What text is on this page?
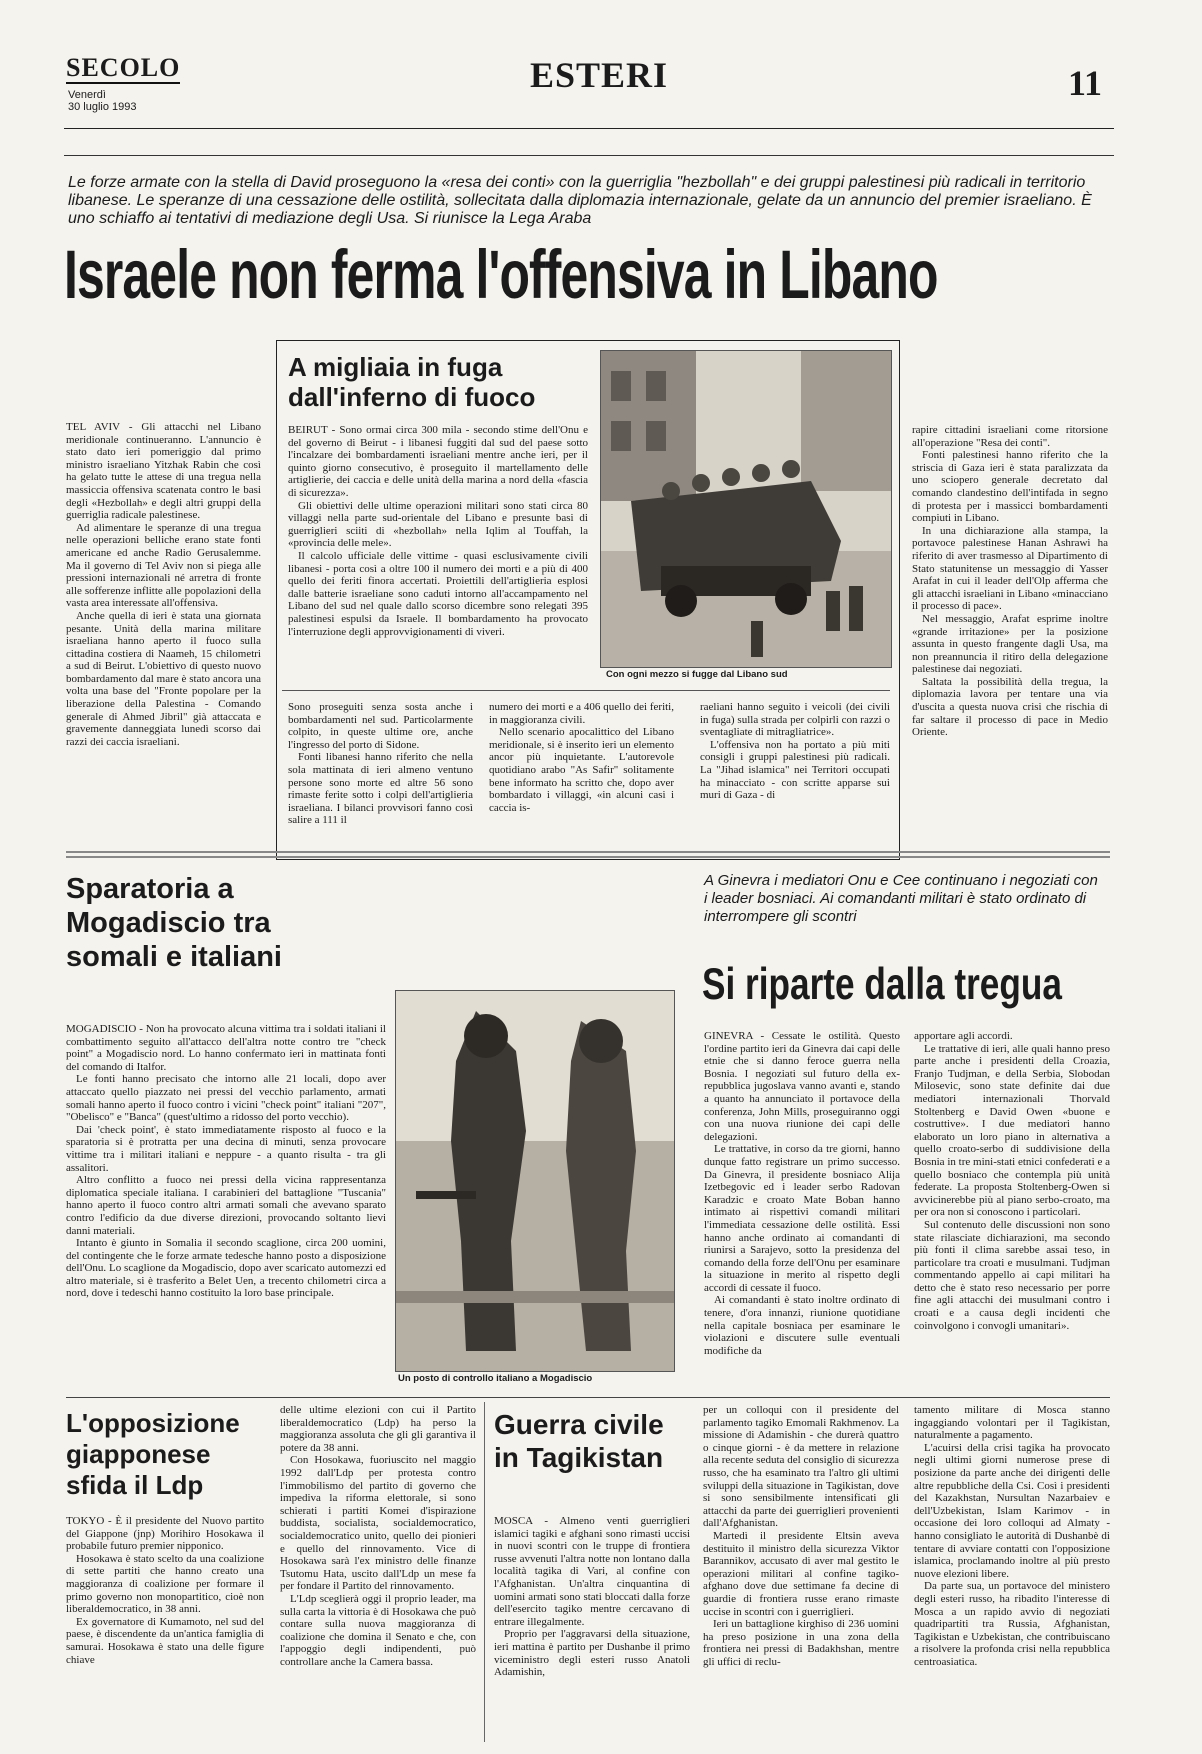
SECOLO
Venerdì
30 luglio 1993
ESTERI	11
Le forze armate con la stella di David proseguono la «resa dei conti» con la guerriglia "hezbollah" e dei gruppi palestinesi più radicali in territorio libanese. Le speranze di una cessazione delle ostilità, sollecitata dalla diplomazia internazionale, gelate da un annuncio del premier israeliano. È uno schiaffo ai tentativi di mediazione degli Usa. Si riunisce la Lega Araba
Israele non ferma l'offensiva in Libano

TEL AVIV - Gli attacchi nel Libano meridionale continueranno. L'annuncio è stato dato ieri pomeriggio dal primo ministro israeliano Yitzhak Rabin che così ha gelato tutte le attese di una tregua nella massiccia offensiva scatenata contro le basi degli «Hezbollah» e degli altri gruppi della guerriglia radicale palestinese.

Ad alimentare le speranze di una tregua nelle operazioni belliche erano state fonti americane ed anche Radio Gerusalemme. Ma il governo di Tel Aviv non si piega alle pressioni internazionali né arretra di fronte alle sofferenze inflitte alle popolazioni della vasta area interessate all'offensiva.

Anche quella di ieri è stata una giornata pesante. Unità della marina militare israeliana hanno aperto il fuoco sulla cittadina costiera di Naameh, 15 chilometri a sud di Beirut. L'obiettivo di questo nuovo bombardamento dal mare è stato ancora una volta una base del "Fronte popolare per la liberazione della Palestina - Comando generale di Ahmed Jibril" già attaccata e gravemente danneggiata lunedì scorso dai razzi dei caccia israeliani.

A migliaia in fuga dall'inferno di fuoco

BEIRUT - Sono ormai circa 300 mila - secondo stime dell'Onu e del governo di Beirut - i libanesi fuggiti dal sud del paese sotto l'incalzare dei bombardamenti israeliani mentre anche ieri, per il quinto giorno consecutivo, è proseguito il martellamento delle artiglierie, dei caccia e delle unità della marina a nord della «fascia di sicurezza».

Gli obiettivi delle ultime operazioni militari sono stati circa 80 villaggi nella parte sud-orientale del Libano e presunte basi di guerriglieri sciiti di «hezbollah» nella Iqlim al Touffah, la «provincia delle mele».

Il calcolo ufficiale delle vittime - quasi esclusivamente civili libanesi - porta così a oltre 100 il numero dei morti e a più di 400 quello dei feriti finora accertati. Proiettili dell'artiglieria esplosi dalle batterie israeliane sono caduti intorno all'accampamento nel Libano del sud nel quale dallo scorso dicembre sono relegati 395 palestinesi espulsi da Israele. Il bombardamento ha provocato l'interruzione degli approvvigionamenti di viveri.

Con ogni mezzo si fugge dal Libano sud

Sono proseguiti senza sosta anche i bombardamenti nel sud. Particolarmente colpito, in queste ultime ore, anche l'ingresso del porto di Sidone.

Fonti libanesi hanno riferito che nella sola mattinata di ieri almeno ventuno persone sono morte ed altre 56 sono rimaste ferite sotto i colpi dell'artiglieria israeliana. I bilanci provvisori fanno così salire a 111 il

numero dei morti e a 406 quello dei feriti, in maggioranza civili.

Nello scenario apocalittico del Libano meridionale, si è inserito ieri un elemento ancor più inquietante. L'autorevole quotidiano arabo "As Safir" solitamente bene informato ha scritto che, dopo aver bombardato i villaggi, «in alcuni casi i caccia is-

raeliani hanno seguito i veicoli (dei civili in fuga) sulla strada per colpirli con razzi o sventagliate di mitragliatrice».

L'offensiva non ha portato a più miti consigli i gruppi palestinesi più radicali. La "Jihad islamica" nei Territori occupati ha minacciato - con scritte apparse sui muri di Gaza - di

rapire cittadini israeliani come ritorsione all'operazione "Resa dei conti".

Fonti palestinesi hanno riferito che la striscia di Gaza ieri è stata paralizzata da uno sciopero generale decretato dal comando clandestino dell'intifada in segno di protesta per i massicci bombardamenti compiuti in Libano.

In una dichiarazione alla stampa, la portavoce palestinese Hanan Ashrawi ha riferito di aver trasmesso al Dipartimento di Stato statunitense un messaggio di Yasser Arafat in cui il leader dell'Olp afferma che gli attacchi israeliani in Libano «minacciano il processo di pace».

Nel messaggio, Arafat esprime inoltre «grande irritazione» per la posizione assunta in questo frangente dagli Usa, ma non preannuncia il ritiro della delegazione palestinese dai negoziati.

Saltata la possibilità della tregua, la diplomazia lavora per tentare una via d'uscita a questa nuova crisi che rischia di far saltare il processo di pace in Medio Oriente.

Sparatoria a Mogadiscio tra somali e italiani

MOGADISCIO - Non ha provocato alcuna vittima tra i soldati italiani il combattimento seguito all'attacco dell'altra notte contro tre "check point" a Mogadiscio nord. Lo hanno confermato ieri in mattinata fonti del comando di Italfor.

Le fonti hanno precisato che intorno alle 21 locali, dopo aver attaccato quello piazzato nei pressi del vecchio parlamento, armati somali hanno aperto il fuoco contro i vicini "check point" italiani "207", "Obelisco" e "Banca" (quest'ultimo a ridosso del porto vecchio).

Dai 'check point', è stato immediatamente risposto al fuoco e la sparatoria si è protratta per una decina di minuti, senza provocare vittime tra i militari italiani e neppure - a quanto risulta - tra gli assalitori.

Altro conflitto a fuoco nei pressi della vicina rappresentanza diplomatica speciale italiana. I carabinieri del battaglione "Tuscania" hanno aperto il fuoco contro altri armati somali che avevano sparato contro l'edificio da due diverse direzioni, provocando soltanto lievi danni materiali.

Intanto è giunto in Somalia il secondo scaglione, circa 200 uomini, del contingente che le forze armate tedesche hanno posto a disposizione dell'Onu. Lo scaglione da Mogadiscio, dopo aver scaricato automezzi ed altro materiale, si è trasferito a Belet Uen, a trecento chilometri circa a nord, dove i tedeschi hanno costituito la loro base principale.

Un posto di controllo italiano a Mogadiscio
A Ginevra i mediatori Onu e Cee continuano i negoziati con i leader bosniaci. Ai comandanti militari è stato ordinato di interrompere gli scontri
Si riparte dalla tregua

GINEVRA - Cessate le ostilità. Questo l'ordine partito ieri da Ginevra dai capi delle etnie che si danno feroce guerra nella Bosnia. I negoziati sul futuro della ex-repubblica jugoslava vanno avanti e, stando a quanto ha annunciato il portavoce della conferenza, John Mills, proseguiranno oggi con una nuova riunione dei capi delle delegazioni.

Le trattative, in corso da tre giorni, hanno dunque fatto registrare un primo successo. Da Ginevra, il presidente bosniaco Alija Izetbegovic ed i leader serbo Radovan Karadzic e croato Mate Boban hanno intimato ai rispettivi comandi militari l'immediata cessazione delle ostilità. Essi hanno anche ordinato ai comandanti di riunirsi a Sarajevo, sotto la presidenza del comando della forze dell'Onu per esaminare la situazione in merito al rispetto degli accordi di cessate il fuoco.

Ai comandanti è stato inoltre ordinato di tenere, d'ora innanzi, riunione quotidiane nella capitale bosniaca per esaminare le violazioni e discutere sulle eventuali modifiche da

apportare agli accordi.

Le trattative di ieri, alle quali hanno preso parte anche i presidenti della Croazia, Franjo Tudjman, e della Serbia, Slobodan Milosevic, sono state definite dai due mediatori internazionali Thorvald Stoltenberg e David Owen «buone e costruttive». I due mediatori hanno elaborato un loro piano in alternativa a quello croato-serbo di suddivisione della Bosnia in tre mini-stati etnici confederati e a quello bosniaco che contempla più unità federate. La proposta Stoltenberg-Owen si avvicinerebbe più al piano serbo-croato, ma per ora non si conoscono i particolari.

Sul contenuto delle discussioni non sono state rilasciate dichiarazioni, ma secondo più fonti il clima sarebbe assai teso, in particolare tra croati e musulmani. Tudjman commentando appello ai capi militari ha detto che è stato reso necessario per porre fine agli attacchi dei musulmani contro i croati e a causa degli incidenti che coinvolgono i convogli umanitari».

L'opposizione giapponese sfida il Ldp

TOKYO - È il presidente del Nuovo partito del Giappone (jnp) Morihiro Hosokawa il probabile futuro premier nipponico.

Hosokawa è stato scelto da una coalizione di sette partiti che hanno creato una maggioranza di coalizione per formare il primo governo non monopartitico, cioè non liberaldemocratico, in 38 anni.

Ex governatore di Kumamoto, nel sud del paese, è discendente da un'antica famiglia di samurai. Hosokawa è stato una delle figure chiave

delle ultime elezioni con cui il Partito liberaldemocratico (Ldp) ha perso la maggioranza assoluta che gli gli garantiva il potere da 38 anni.

Con Hosokawa, fuoriuscito nel maggio 1992 dall'Ldp per protesta contro l'immobilismo del partito di governo che impediva la riforma elettorale, si sono schierati i partiti Komei d'ispirazione buddista, socialista, socialdemocratico, socialdemocratico unito, quello dei pionieri e quello del rinnovamento. Vice di Hosokawa sarà l'ex ministro delle finanze Tsutomu Hata, uscito dall'Ldp un mese fa per fondare il Partito del rinnovamento.

L'Ldp sceglierà oggi il proprio leader, ma sulla carta la vittoria è di Hosokawa che può contare sulla nuova maggioranza di coalizione che domina il Senato e che, con l'appoggio degli indipendenti, può controllare anche la Camera bassa.

Guerra civile in Tagikistan

MOSCA - Almeno venti guerriglieri islamici tagiki e afghani sono rimasti uccisi in nuovi scontri con le truppe di frontiera russe avvenuti l'altra notte non lontano dalla località tagika di Vari, al confine con l'Afghanistan. Un'altra cinquantina di uomini armati sono stati bloccati dalla forze dell'esercito tagiko mentre cercavano di entrare illegalmente.

Proprio per l'aggravarsi della situazione, ieri mattina è partito per Dushanbe il primo viceministro degli esteri russo Anatoli Adamishin,

per un colloqui con il presidente del parlamento tagiko Emomali Rakhmenov. La missione di Adamishin - che durerà quattro o cinque giorni - è da mettere in relazione alla recente seduta del consiglio di sicurezza russo, che ha esaminato tra l'altro gli ultimi sviluppi della situazione in Tagikistan, dove si sono sensibilmente intensificati gli attacchi da parte dei guerriglieri provenienti dall'Afghanistan.

Martedì il presidente Eltsin aveva destituito il ministro della sicurezza Viktor Barannikov, accusato di aver mal gestito le operazioni militari al confine tagiko-afghano dove due settimane fa decine di guardie di frontiera russe erano rimaste uccise in scontri con i guerriglieri.

Ieri un battaglione kirghiso di 236 uomini ha preso posizione in una zona della frontiera nei pressi di Badakhshan, mentre gli uffici di reclu-

tamento militare di Mosca stanno ingaggiando volontari per il Tagikistan, naturalmente a pagamento.

L'acuirsi della crisi tagika ha provocato negli ultimi giorni numerose prese di posizione da parte anche dei dirigenti delle altre repubbliche della Csi. Così i presidenti del Kazakhstan, Nursultan Nazarbaiev e dell'Uzbekistan, Islam Karimov - in occasione dei loro colloqui ad Almaty - hanno consigliato le autorità di Dushanbè di tentare di avviare contatti con l'opposizione islamica, proclamando inoltre al più presto nuove elezioni libere.

Da parte sua, un portavoce del ministero degli esteri russo, ha ribadito l'interesse di Mosca a un rapido avvio di negoziati quadripartiti tra Russia, Afghanistan, Tagikistan e Uzbekistan, che contribuiscano a risolvere la profonda crisi nella repubblica centroasiatica.
